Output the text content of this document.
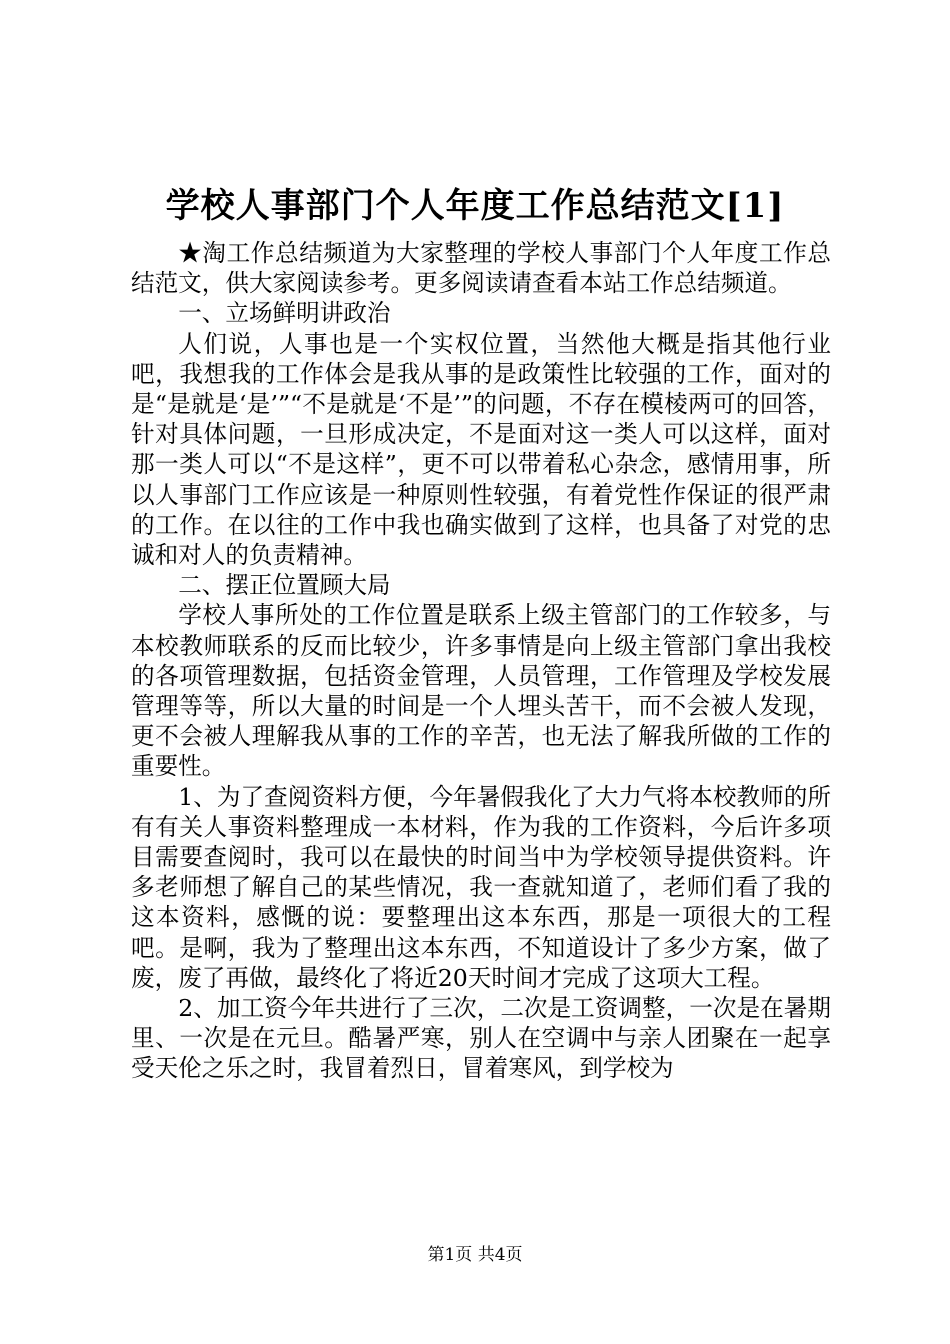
学校人事部门个人年度工作总结范文[1]

★淘工作总结频道为大家整理的学校人事部门个人年度工作总结范文，供大家阅读参考。更多阅读请查看本站工作总结频道。

一、立场鲜明讲政治

人们说，人事也是一个实权位置，当然他大概是指其他行业吧，我想我的工作体会是我从事的是政策性比较强的工作，面对的是“是就是‘是’”“不是就是‘不是’”的问题，不存在模棱两可的回答，针对具体问题，一旦形成决定，不是面对这一类人可以这样，面对那一类人可以“不是这样”，更不可以带着私心杂念，感情用事，所以人事部门工作应该是一种原则性较强，有着党性作保证的很严肃的工作。在以往的工作中我也确实做到了这样，也具备了对党的忠诚和对人的负责精神。

二、摆正位置顾大局

学校人事所处的工作位置是联系上级主管部门的工作较多，与本校教师联系的反而比较少，许多事情是向上级主管部门拿出我校的各项管理数据，包括资金管理，人员管理，工作管理及学校发展管理等等，所以大量的时间是一个人埋头苦干，而不会被人发现，更不会被人理解我从事的工作的辛苦，也无法了解我所做的工作的重要性。

1、为了查阅资料方便，今年暑假我化了大力气将本校教师的所有有关人事资料整理成一本材料，作为我的工作资料，今后许多项目需要查阅时，我可以在最快的时间当中为学校领导提供资料。许多老师想了解自己的某些情况，我一查就知道了，老师们看了我的这本资料，感慨的说：要整理出这本东西，那是一项很大的工程吧。是啊，我为了整理出这本东西，不知道设计了多少方案，做了废，废了再做，最终化了将近20天时间才完成了这项大工程。

2、加工资今年共进行了三次，二次是工资调整，一次是在暑期里、一次是在元旦。酷暑严寒，别人在空调中与亲人团聚在一起享受天伦之乐之时，我冒着烈日，冒着寒风，到学校为

第1页 共4页
